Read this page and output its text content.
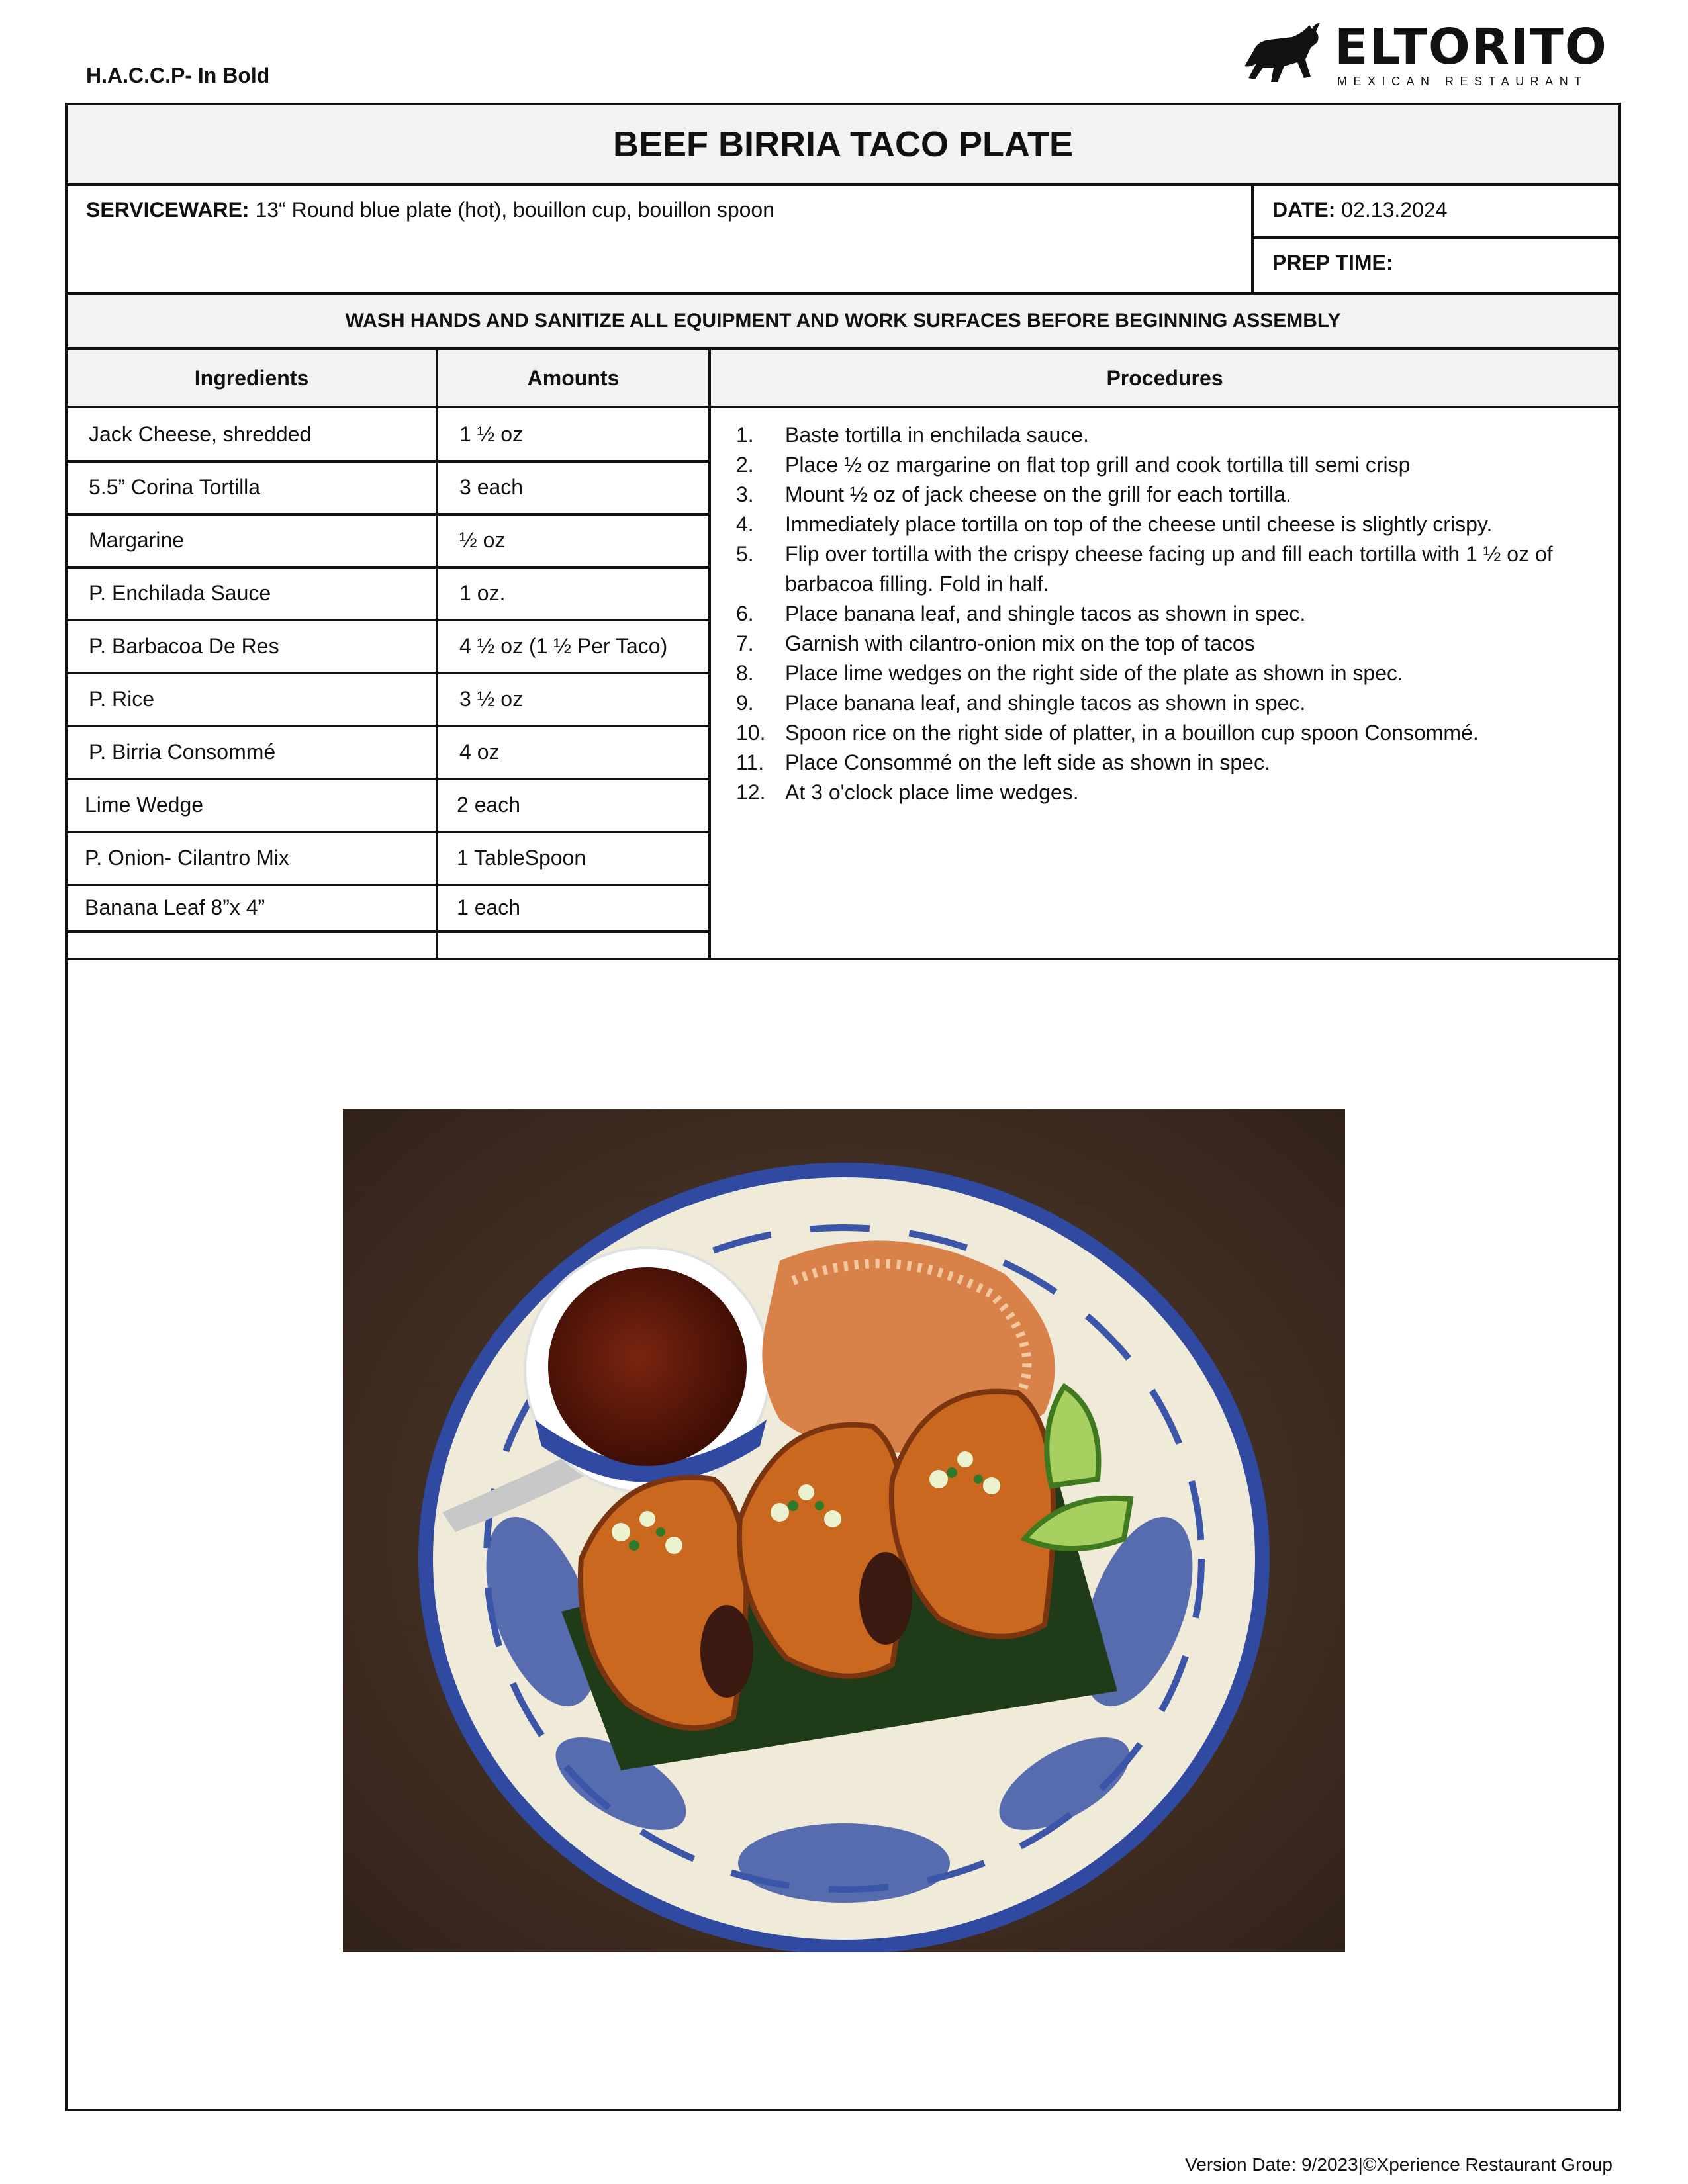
H.A.C.C.P- In Bold	ELTORITO
MEXICAN RESTAURANT
BEEF BIRRIA TACO PLATE
SERVICEWARE: 13“ Round blue plate (hot), bouillon cup, bouillon spoon	DATE: 02.13.2024
PREP TIME:
WASH HANDS AND SANITIZE ALL EQUIPMENT AND WORK SURFACES BEFORE BEGINNING ASSEMBLY
Ingredients	Amounts	Procedures
Jack Cheese, shredded	1 ½ oz
5.5” Corina Tortilla	3 each
Margarine	½ oz
P. Enchilada Sauce	1 oz.
P. Barbacoa De Res	4 ½ oz (1 ½ Per Taco)
P. Rice	3 ½ oz
P. Birria Consommé	4 oz
Lime Wedge	2 each
P. Onion- Cilantro Mix	1 TableSpoon
Banana Leaf 8”x 4”	1 each
1. Baste tortilla in enchilada sauce.
2. Place ½ oz margarine on flat top grill and cook tortilla till semi crisp
3. Mount ½ oz of jack cheese on the grill for each tortilla.
4. Immediately place tortilla on top of the cheese until cheese is slightly crispy.
5. Flip over tortilla with the crispy cheese facing up and fill each tortilla with 1 ½ oz of barbacoa filling. Fold in half.
6. Place banana leaf, and shingle tacos as shown in spec.
7. Garnish with cilantro-onion mix on the top of tacos
8. Place lime wedges on the right side of the plate as shown in spec.
9. Place banana leaf, and shingle tacos as shown in spec.
10. Spoon rice on the right side of platter, in a bouillon cup spoon Consommé.
11. Place Consommé on the left side as shown in spec.
12. At 3 o'clock place lime wedges.
Version Date: 9/2023|©Xperience Restaurant Group
